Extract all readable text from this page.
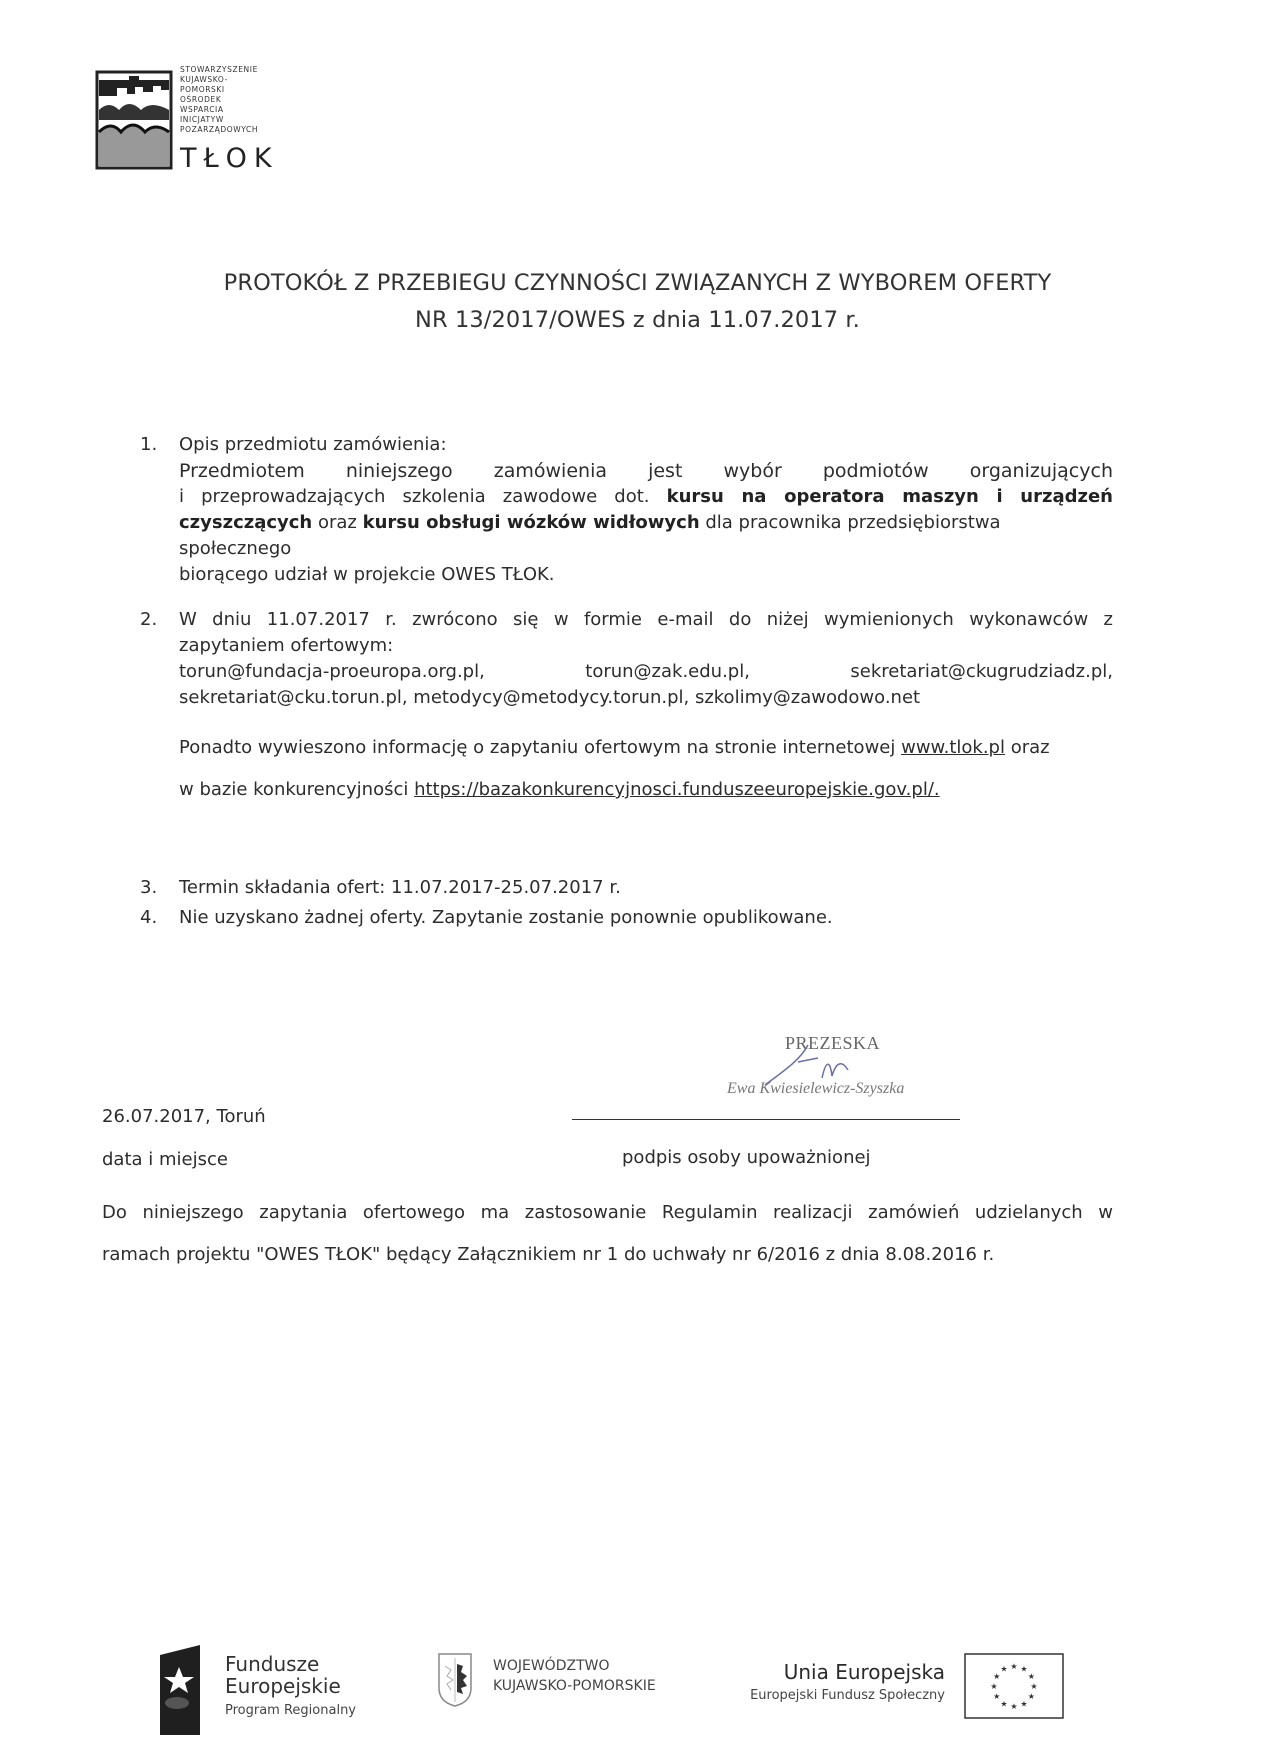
STOWARZYSZENIE
KUJAWSKO-
POMORSKI
OŚRODEK
WSPARCIA
INICJATYW
POZARZĄDOWYCH
TŁOK
PROTOKÓŁ Z PRZEBIEGU CZYNNOŚCI ZWIĄZANYCH Z WYBOREM OFERTY
NR 13/2017/OWES z dnia 11.07.2017 r.
1.	Opis przedmiotu zamówienia:
Przedmiotem niniejszego zamówienia jest wybór podmiotów organizujących
i przeprowadzających szkolenia zawodowe dot. kursu na operatora maszyn i urządzeń
czyszczących oraz kursu obsługi wózków widłowych dla pracownika przedsiębiorstwa społecznego
biorącego udział w projekcie OWES TŁOK.
2.	W dniu 11.07.2017 r. zwrócono się w formie e-mail do niżej wymienionych wykonawców z
zapytaniem ofertowym:
torun@fundacja-proeuropa.org.pl,	torun@zak.edu.pl,	sekretariat@ckugrudziadz.pl,
sekretariat@cku.torun.pl, metodycy@metodycy.torun.pl, szkolimy@zawodowo.net
Ponadto wywieszono informację o zapytaniu ofertowym na stronie internetowej www.tlok.pl oraz
w bazie konkurencyjności https://bazakonkurencyjnosci.funduszeeuropejskie.gov.pl/.
3.	Termin składania ofert: 11.07.2017-25.07.2017 r.
4.	Nie uzyskano żadnej oferty. Zapytanie zostanie ponownie opublikowane.
PREZESKA
Ewa Kwiesielewicz-Szyszka
26.07.2017, Toruń
data i miejsce	podpis osoby upoważnionej
Do niniejszego zapytania ofertowego ma zastosowanie Regulamin realizacji zamówień udzielanych w
ramach projektu "OWES TŁOK" będący Załącznikiem nr 1 do uchwały nr 6/2016 z dnia 8.08.2016 r.
Fundusze
Europejskie
Program Regionalny
WOJEWÓDZTWO
KUJAWSKO-POMORSKIE
Unia Europejska
Europejski Fundusz Społeczny
★ ★
★
★
★
★
★
★
★
★
★
★
